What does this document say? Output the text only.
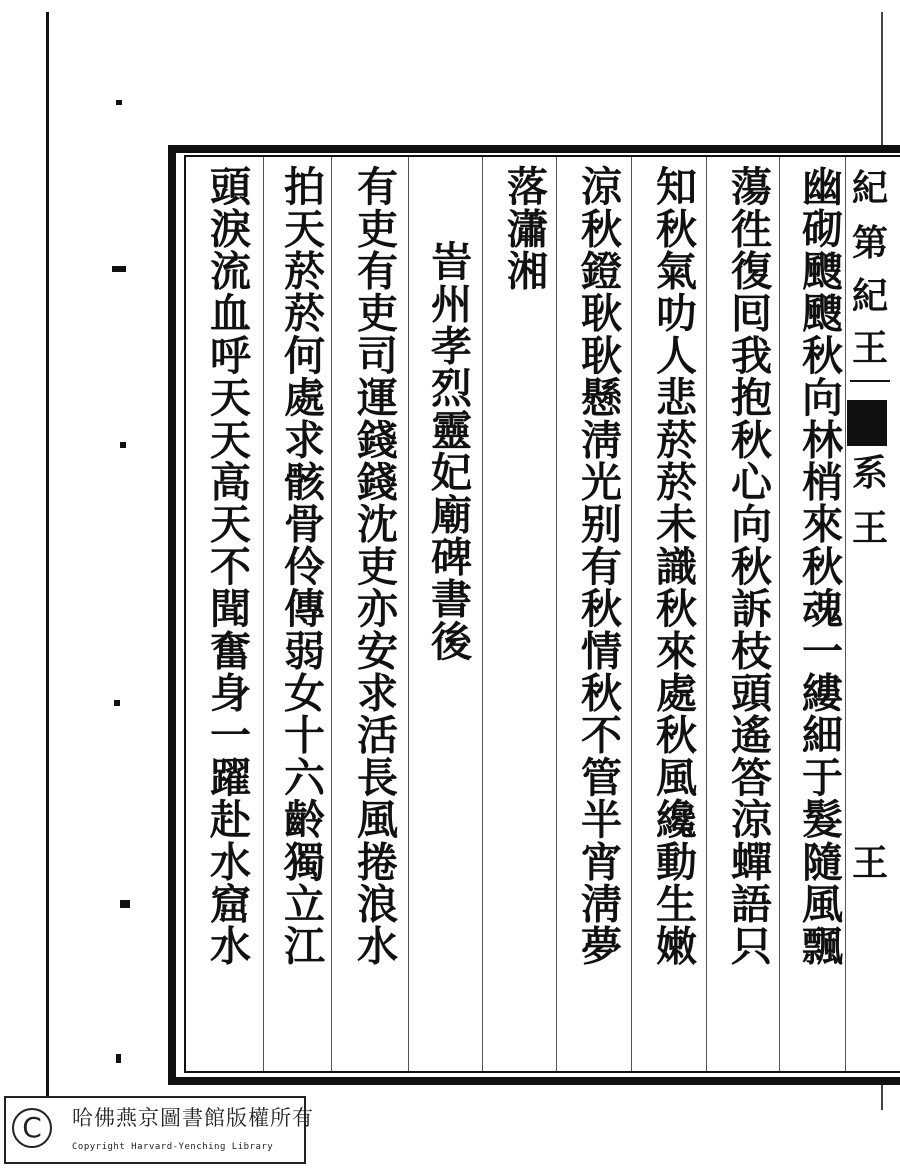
幽砌颼颼秋向林梢來秋魂一縷細于髮隨風飄
蕩徃復囘我抱秋心向秋訴枝頭遙答涼蟬語只
知秋氣叻人悲菸菸未識秋來處秋風纔動生嫩
涼秋鐙耿耿懸淸光别有秋情秋不管半宵淸夢
落瀟湘
峕州孝烈靈妃廟碑書後
有吏有吏司運錢錢沈吏亦安求活長風捲浪水
拍天菸菸何處求骸骨伶傳弱女十六齡獨立江
頭淚流血呼天天高天不聞奮身一躍赴水窟水	紀
第
紀
王
系
王
王
C	哈佛燕京圖書館版權所有
Copyright Harvard-Yenching Library
